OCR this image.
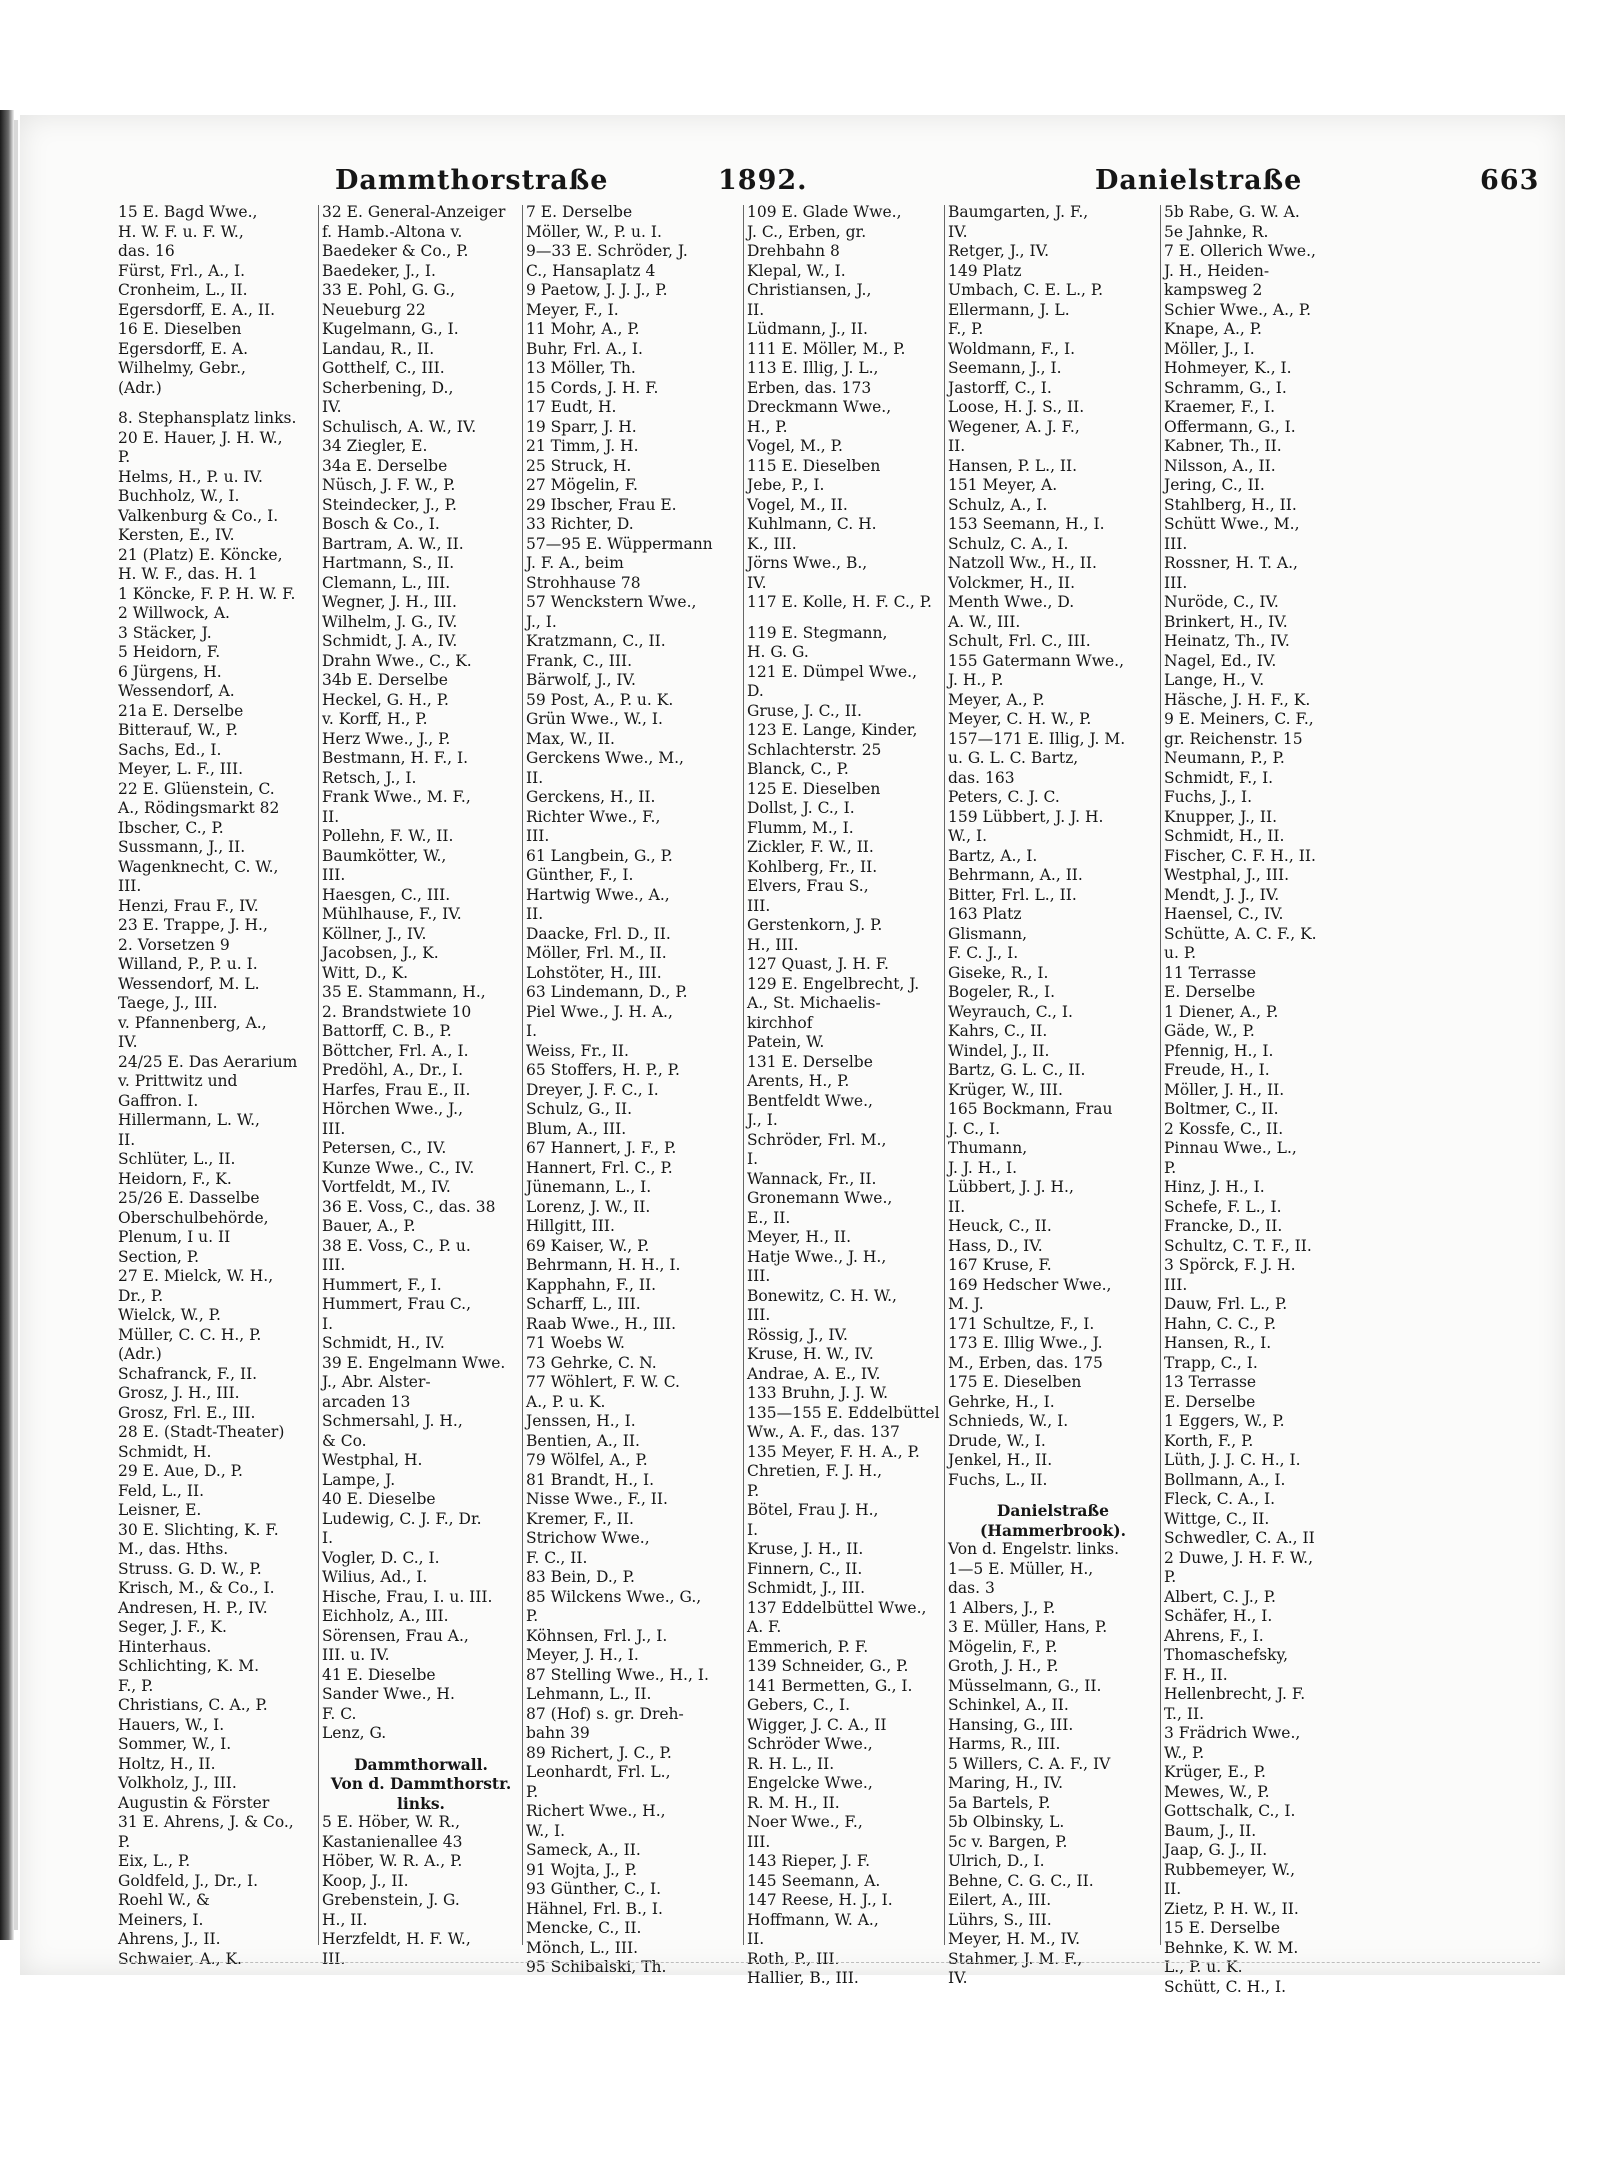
Dammthorstraße	1892.	Danielstraße	663
15 E. Bagd Wwe.,
H. W. F. u. F. W.,
das. 16
Fürst, Frl., A., I.
Cronheim, L., II.
Egersdorff, E. A., II.
16 E. Dieselben
Egersdorff, E. A.
Wilhelmy, Gebr.,
(Adr.)
8. Stephansplatz links.
20 E. Hauer, J. H. W.,
P.
Helms, H., P. u. IV.
Buchholz, W., I.
Valkenburg & Co., I.
Kersten, E., IV.
21 (Platz) E. Köncke,
H. W. F., das. H. 1
1 Köncke, F. P. H. W. F.
2 Willwock, A.
3 Stäcker, J.
5 Heidorn, F.
6 Jürgens, H.
Wessendorf, A.
21a E. Derselbe
Bitterauf, W., P.
Sachs, Ed., I.
Meyer, L. F., III.
22 E. Glüenstein, C.
A., Rödingsmarkt 82
Ibscher, C., P.
Sussmann, J., II.
Wagenknecht, C. W.,
III.
Henzi, Frau F., IV.
23 E. Trappe, J. H.,
2. Vorsetzen 9
Willand, P., P. u. I.
Wessendorf, M. L.
Taege, J., III.
v. Pfannenberg, A.,
IV.
24/25 E. Das Aerarium
v. Prittwitz und
Gaffron. I.
Hillermann, L. W.,
II.
Schlüter, L., II.
Heidorn, F., K.
25/26 E. Dasselbe
Oberschulbehörde,
Plenum, I u. II
Section, P.
27 E. Mielck, W. H.,
Dr., P.
Wielck, W., P.
Müller, C. C. H., P.
(Adr.)
Schafranck, F., II.
Grosz, J. H., III.
Grosz, Frl. E., III.
28 E. (Stadt-Theater)
Schmidt, H.
29 E. Aue, D., P.
Feld, L., II.
Leisner, E.
30 E. Slichting, K. F.
M., das. Hths.
Struss. G. D. W., P.
Krisch, M., & Co., I.
Andresen, H. P., IV.
Seger, J. F., K.
Hinterhaus.
Schlichting, K. M.
F., P.
Christians, C. A., P.
Hauers, W., I.
Sommer, W., I.
Holtz, H., II.
Volkholz, J., III.
Augustin & Förster
31 E. Ahrens, J. & Co.,
P.
Eix, L., P.
Goldfeld, J., Dr., I.
Roehl W., &
Meiners, I.
Ahrens, J., II.
Schwaier, A., K.
32 E. General-Anzeiger
f. Hamb.-Altona v.
Baedeker & Co., P.
Baedeker, J., I.
33 E. Pohl, G. G.,
Neueburg 22
Kugelmann, G., I.
Landau, R., II.
Gotthelf, C., III.
Scherbening, D.,
IV.
Schulisch, A. W., IV.
34 Ziegler, E.
34a E. Derselbe
Nüsch, J. F. W., P.
Steindecker, J., P.
Bosch & Co., I.
Bartram, A. W., II.
Hartmann, S., II.
Clemann, L., III.
Wegner, J. H., III.
Wilhelm, J. G., IV.
Schmidt, J. A., IV.
Drahn Wwe., C., K.
34b E. Derselbe
Heckel, G. H., P.
v. Korff, H., P.
Herz Wwe., J., P.
Bestmann, H. F., I.
Retsch, J., I.
Frank Wwe., M. F.,
II.
Pollehn, F. W., II.
Baumkötter, W.,
III.
Haesgen, C., III.
Mühlhause, F., IV.
Köllner, J., IV.
Jacobsen, J., K.
Witt, D., K.
35 E. Stammann, H.,
2. Brandstwiete 10
Battorff, C. B., P.
Böttcher, Frl. A., I.
Predöhl, A., Dr., I.
Harfes, Frau E., II.
Hörchen Wwe., J.,
III.
Petersen, C., IV.
Kunze Wwe., C., IV.
Vortfeldt, M., IV.
36 E. Voss, C., das. 38
Bauer, A., P.
38 E. Voss, C., P. u.
III.
Hummert, F., I.
Hummert, Frau C.,
I.
Schmidt, H., IV.
39 E. Engelmann Wwe.
J., Abr. Alster-
arcaden 13
Schmersahl, J. H.,
& Co.
Westphal, H.
Lampe, J.
40 E. Dieselbe
Ludewig, C. J. F., Dr.
I.
Vogler, D. C., I.
Wilius, Ad., I.
Hische, Frau, I. u. III.
Eichholz, A., III.
Sörensen, Frau A.,
III. u. IV.
41 E. Dieselbe
Sander Wwe., H.
F. C.
Lenz, G.
Dammthorwall.
Von d. Dammthorstr.
links.
5 E. Höber, W. R.,
Kastanienallee 43
Höber, W. R. A., P.
Koop, J., II.
Grebenstein, J. G.
H., II.
Herzfeldt, H. F. W.,
III.
7 E. Derselbe
Möller, W., P. u. I.
9—33 E. Schröder, J.
C., Hansaplatz 4
9 Paetow, J. J. J., P.
Meyer, F., I.
11 Mohr, A., P.
Buhr, Frl. A., I.
13 Möller, Th.
15 Cords, J. H. F.
17 Eudt, H.
19 Sparr, J. H.
21 Timm, J. H.
25 Struck, H.
27 Mögelin, F.
29 Ibscher, Frau E.
33 Richter, D.
57—95 E. Wüppermann
J. F. A., beim
Strohhause 78
57 Wenckstern Wwe.,
J., I.
Kratzmann, C., II.
Frank, C., III.
Bärwolf, J., IV.
59 Post, A., P. u. K.
Grün Wwe., W., I.
Max, W., II.
Gerckens Wwe., M.,
II.
Gerckens, H., II.
Richter Wwe., F.,
III.
61 Langbein, G., P.
Günther, F., I.
Hartwig Wwe., A.,
II.
Daacke, Frl. D., II.
Möller, Frl. M., II.
Lohstöter, H., III.
63 Lindemann, D., P.
Piel Wwe., J. H. A.,
I.
Weiss, Fr., II.
65 Stoffers, H. P., P.
Dreyer, J. F. C., I.
Schulz, G., II.
Blum, A., III.
67 Hannert, J. F., P.
Hannert, Frl. C., P.
Jünemann, L., I.
Lorenz, J. W., II.
Hillgitt, III.
69 Kaiser, W., P.
Behrmann, H. H., I.
Kapphahn, F., II.
Scharff, L., III.
Raab Wwe., H., III.
71 Woebs W.
73 Gehrke, C. N.
77 Wöhlert, F. W. C.
A., P. u. K.
Jenssen, H., I.
Bentien, A., II.
79 Wölfel, A., P.
81 Brandt, H., I.
Nisse Wwe., F., II.
Kremer, F., II.
Strichow Wwe.,
F. C., II.
83 Bein, D., P.
85 Wilckens Wwe., G.,
P.
Köhnsen, Frl. J., I.
Meyer, J. H., I.
87 Stelling Wwe., H., I.
Lehmann, L., II.
87 (Hof) s. gr. Dreh-
bahn 39
89 Richert, J. C., P.
Leonhardt, Frl. L.,
P.
Richert Wwe., H.,
W., I.
Sameck, A., II.
91 Wojta, J., P.
93 Günther, C., I.
Hähnel, Frl. B., I.
Mencke, C., II.
Mönch, L., III.
95 Schibalski, Th.
109 E. Glade Wwe.,
J. C., Erben, gr.
Drehbahn 8
Klepal, W., I.
Christiansen, J.,
II.
Lüdmann, J., II.
111 E. Möller, M., P.
113 E. Illig, J. L.,
Erben, das. 173
Dreckmann Wwe.,
H., P.
Vogel, M., P.
115 E. Dieselben
Jebe, P., I.
Vogel, M., II.
Kuhlmann, C. H.
K., III.
Jörns Wwe., B.,
IV.
117 E. Kolle, H. F. C., P.
119 E. Stegmann,
H. G. G.
121 E. Dümpel Wwe.,
D.
Gruse, J. C., II.
123 E. Lange, Kinder,
Schlachterstr. 25
Blanck, C., P.
125 E. Dieselben
Dollst, J. C., I.
Flumm, M., I.
Zickler, F. W., II.
Kohlberg, Fr., II.
Elvers, Frau S.,
III.
Gerstenkorn, J. P.
H., III.
127 Quast, J. H. F.
129 E. Engelbrecht, J.
A., St. Michaelis-
kirchhof
Patein, W.
131 E. Derselbe
Arents, H., P.
Bentfeldt Wwe.,
J., I.
Schröder, Frl. M.,
I.
Wannack, Fr., II.
Gronemann Wwe.,
E., II.
Meyer, H., II.
Hatje Wwe., J. H.,
III.
Bonewitz, C. H. W.,
III.
Rössig, J., IV.
Kruse, H. W., IV.
Andrae, A. E., IV.
133 Bruhn, J. J. W.
135—155 E. Eddelbüttel
Ww., A. F., das. 137
135 Meyer, F. H. A., P.
Chretien, F. J. H.,
P.
Bötel, Frau J. H.,
I.
Kruse, J. H., II.
Finnern, C., II.
Schmidt, J., III.
137 Eddelbüttel Wwe.,
A. F.
Emmerich, P. F.
139 Schneider, G., P.
141 Bermetten, G., I.
Gebers, C., I.
Wigger, J. C. A., II
Schröder Wwe.,
R. H. L., II.
Engelcke Wwe.,
R. M. H., II.
Noer Wwe., F.,
III.
143 Rieper, J. F.
145 Seemann, A.
147 Reese, H. J., I.
Hoffmann, W. A.,
II.
Roth, P., III.
Hallier, B., III.
Baumgarten, J. F.,
IV.
Retger, J., IV.
149 Platz
Umbach, C. E. L., P.
Ellermann, J. L.
F., P.
Woldmann, F., I.
Seemann, J., I.
Jastorff, C., I.
Loose, H. J. S., II.
Wegener, A. J. F.,
II.
Hansen, P. L., II.
151 Meyer, A.
Schulz, A., I.
153 Seemann, H., I.
Schulz, C. A., I.
Natzoll Ww., H., II.
Volckmer, H., II.
Menth Wwe., D.
A. W., III.
Schult, Frl. C., III.
155 Gatermann Wwe.,
J. H., P.
Meyer, A., P.
Meyer, C. H. W., P.
157—171 E. Illig, J. M.
u. G. L. C. Bartz,
das. 163
Peters, C. J. C.
159 Lübbert, J. J. H.
W., I.
Bartz, A., I.
Behrmann, A., II.
Bitter, Frl. L., II.
163 Platz
Glismann,
F. C. J., I.
Giseke, R., I.
Bogeler, R., I.
Weyrauch, C., I.
Kahrs, C., II.
Windel, J., II.
Bartz, G. L. C., II.
Krüger, W., III.
165 Bockmann, Frau
J. C., I.
Thumann,
J. J. H., I.
Lübbert, J. J. H.,
II.
Heuck, C., II.
Hass, D., IV.
167 Kruse, F.
169 Hedscher Wwe.,
M. J.
171 Schultze, F., I.
173 E. Illig Wwe., J.
M., Erben, das. 175
175 E. Dieselben
Gehrke, H., I.
Schnieds, W., I.
Drude, W., I.
Jenkel, H., II.
Fuchs, L., II.
Danielstraße
(Hammerbrook).
Von d. Engelstr. links.
1—5 E. Müller, H.,
das. 3
1 Albers, J., P.
3 E. Müller, Hans, P.
Mögelin, F., P.
Groth, J. H., P.
Müsselmann, G., II.
Schinkel, A., II.
Hansing, G., III.
Harms, R., III.
5 Willers, C. A. F., IV
Maring, H., IV.
5a Bartels, P.
5b Olbinsky, L.
5c v. Bargen, P.
Ulrich, D., I.
Behne, C. G. C., II.
Eilert, A., III.
Lührs, S., III.
Meyer, H. M., IV.
Stahmer, J. M. F.,
IV.
5b Rabe, G. W. A.
5e Jahnke, R.
7 E. Ollerich Wwe.,
J. H., Heiden-
kampsweg 2
Schier Wwe., A., P.
Knape, A., P.
Möller, J., I.
Hohmeyer, K., I.
Schramm, G., I.
Kraemer, F., I.
Offermann, G., I.
Kabner, Th., II.
Nilsson, A., II.
Jering, C., II.
Stahlberg, H., II.
Schütt Wwe., M.,
III.
Rossner, H. T. A.,
III.
Nuröde, C., IV.
Brinkert, H., IV.
Heinatz, Th., IV.
Nagel, Ed., IV.
Lange, H., V.
Häsche, J. H. F., K.
9 E. Meiners, C. F.,
gr. Reichenstr. 15
Neumann, P., P.
Schmidt, F., I.
Fuchs, J., I.
Knupper, J., II.
Schmidt, H., II.
Fischer, C. F. H., II.
Westphal, J., III.
Mendt, J. J., IV.
Haensel, C., IV.
Schütte, A. C. F., K.
u. P.
11 Terrasse
E. Derselbe
1 Diener, A., P.
Gäde, W., P.
Pfennig, H., I.
Freude, H., I.
Möller, J. H., II.
Boltmer, C., II.
2 Kossfe, C., II.
Pinnau Wwe., L.,
P.
Hinz, J. H., I.
Schefe, F. L., I.
Francke, D., II.
Schultz, C. T. F., II.
3 Spörck, F. J. H.
III.
Dauw, Frl. L., P.
Hahn, C. C., P.
Hansen, R., I.
Trapp, C., I.
13 Terrasse
E. Derselbe
1 Eggers, W., P.
Korth, F., P.
Lüth, J. J. C. H., I.
Bollmann, A., I.
Fleck, C. A., I.
Wittge, C., II.
Schwedler, C. A., II
2 Duwe, J. H. F. W.,
P.
Albert, C. J., P.
Schäfer, H., I.
Ahrens, F., I.
Thomaschefsky,
F. H., II.
Hellenbrecht, J. F.
T., II.
3 Frädrich Wwe.,
W., P.
Krüger, E., P.
Mewes, W., P.
Gottschalk, C., I.
Baum, J., II.
Jaap, G. J., II.
Rubbemeyer, W.,
II.
Zietz, P. H. W., II.
15 E. Derselbe
Behnke, K. W. M.
L., P. u. K.
Schütt, C. H., I.
